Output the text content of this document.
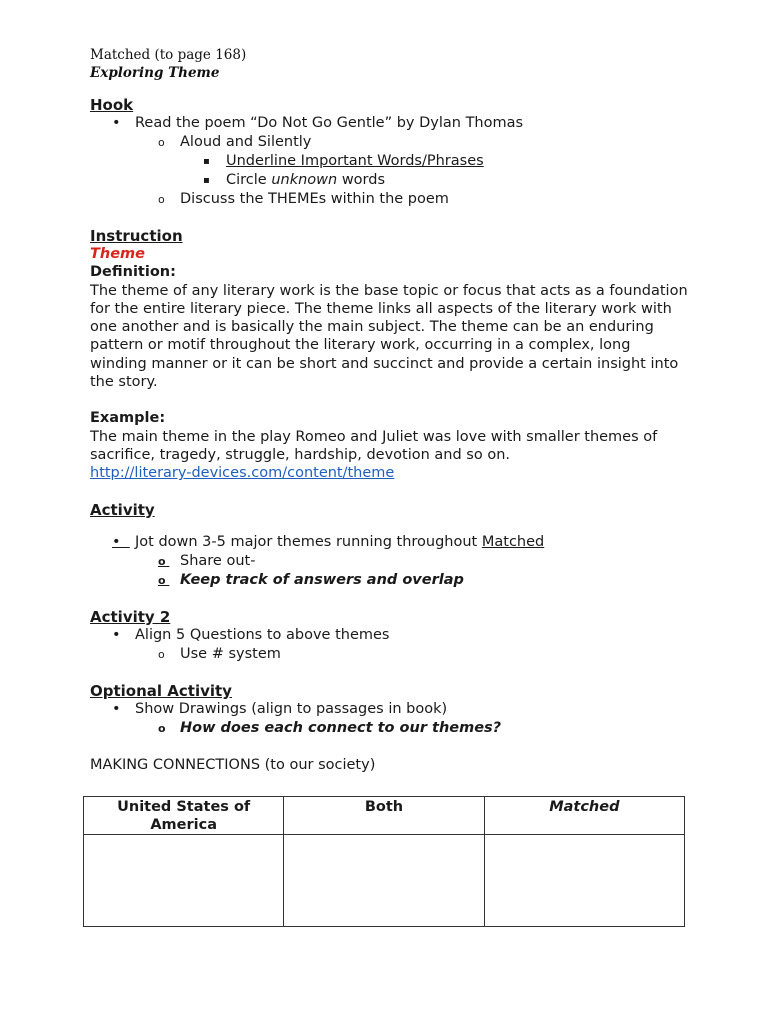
Matched (to page 168)
Exploring Theme
Hook
• Read the poem “Do Not Go Gentle” by Dylan Thomas
o Aloud and Silently
▪ Underline Important Words/Phrases
▪ Circle unknown words
o Discuss the THEMEs within the poem
Instruction
Theme
Definition:
The theme of any literary work is the base topic or focus that acts as a foundation for the entire literary piece. The theme links all aspects of the literary work with one another and is basically the main subject. The theme can be an enduring pattern or motif throughout the literary work, occurring in a complex, long winding manner or it can be short and succinct and provide a certain insight into the story.
Example:
The main theme in the play Romeo and Juliet was love with smaller themes of sacrifice, tragedy, struggle, hardship, devotion and so on.
http://literary-devices.com/content/theme
Activity
• Jot down 3-5 major themes running throughout Matched
o Share out-
o Keep track of answers and overlap
Activity 2
• Align 5 Questions to above themes
o Use # system
Optional Activity
• Show Drawings (align to passages in book)
o How does each connect to our themes?
MAKING CONNECTIONS (to our society)
United States of America	Both	Matched
